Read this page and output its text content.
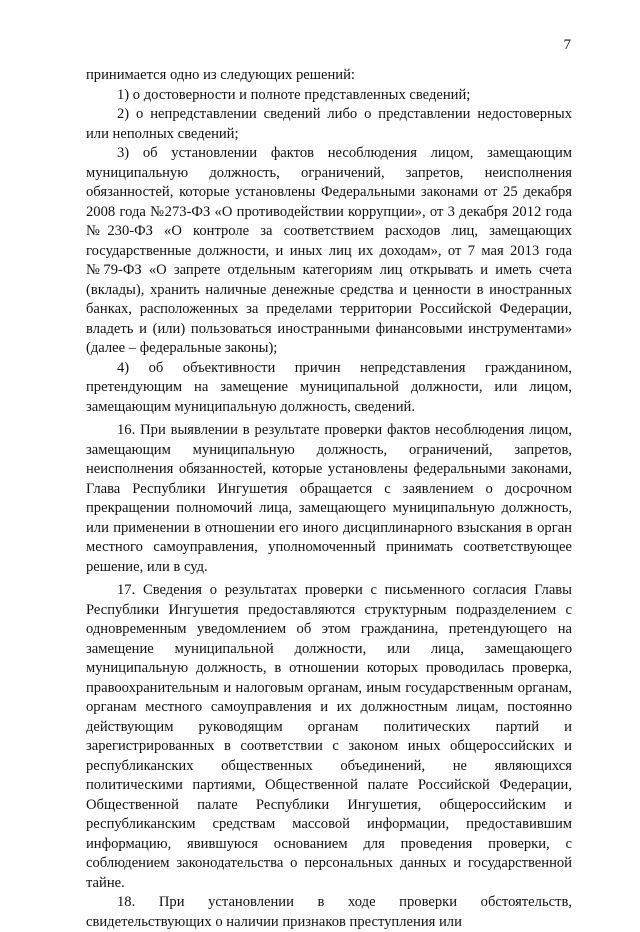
7

принимается одно из следующих решений:

1) о достоверности и полноте представленных сведений;

2) о непредставлении сведений либо о представлении недостоверных или неполных сведений;

3) об установлении фактов несоблюдения лицом, замещающим муниципальную должность, ограничений, запретов, неисполнения обязанностей, которые установлены Федеральными законами от 25 декабря 2008 года №273-ФЗ «О противодействии коррупции», от 3 декабря 2012 года №230-ФЗ «О контроле за соответствием расходов лиц, замещающих государственные должности, и иных лиц их доходам», от 7 мая 2013 года №79-ФЗ «О запрете отдельным категориям лиц открывать и иметь счета (вклады), хранить наличные денежные средства и ценности в иностранных банках, расположенных за пределами территории Российской Федерации, владеть и (или) пользоваться иностранными финансовыми инструментами» (далее – федеральные законы);

4) об объективности причин непредставления гражданином, претендующим на замещение муниципальной должности, или лицом, замещающим муниципальную должность, сведений.

16. При выявлении в результате проверки фактов несоблюдения лицом, замещающим муниципальную должность, ограничений, запретов, неисполнения обязанностей, которые установлены федеральными законами, Глава Республики Ингушетия обращается с заявлением о досрочном прекращении полномочий лица, замещающего муниципальную должность, или применении в отношении его иного дисциплинарного взыскания в орган местного самоуправления, уполномоченный принимать соответствующее решение, или в суд.

17. Сведения о результатах проверки с письменного согласия Главы Республики Ингушетия предоставляются структурным подразделением с одновременным уведомлением об этом гражданина, претендующего на замещение муниципальной должности, или лица, замещающего муниципальную должность, в отношении которых проводилась проверка, правоохранительным и налоговым органам, иным государственным органам, органам местного самоуправления и их должностным лицам, постоянно действующим руководящим органам политических партий и зарегистрированных в соответствии с законом иных общероссийских и республиканских общественных объединений, не являющихся политическими партиями, Общественной палате Российской Федерации, Общественной палате Республики Ингушетия, общероссийским и республиканским средствам массовой информации, предоставившим информацию, явившуюся основанием для проведения проверки, с соблюдением законодательства о персональных данных и государственной тайне.

18. При установлении в ходе проверки обстоятельств, свидетельствующих о наличии признаков преступления или
